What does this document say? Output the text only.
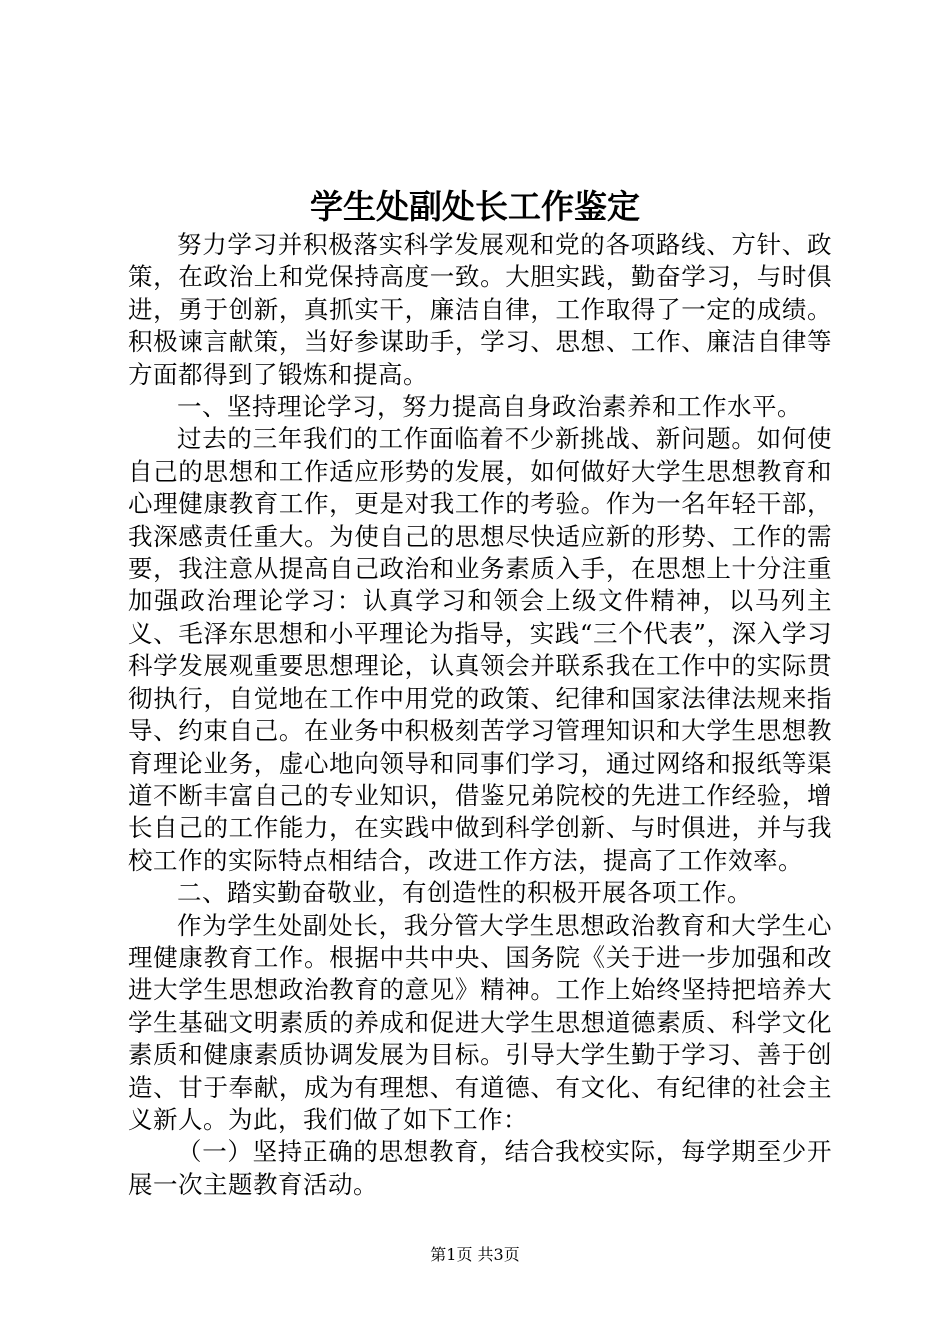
学生处副处长工作鉴定

努力学习并积极落实科学发展观和党的各项路线、方针、政策，在政治上和党保持高度一致。大胆实践，勤奋学习，与时俱进，勇于创新，真抓实干，廉洁自律，工作取得了一定的成绩。积极谏言献策，当好参谋助手，学习、思想、工作、廉洁自律等方面都得到了锻炼和提高。

一、坚持理论学习，努力提高自身政治素养和工作水平。

过去的三年我们的工作面临着不少新挑战、新问题。如何使自己的思想和工作适应形势的发展，如何做好大学生思想教育和心理健康教育工作，更是对我工作的考验。作为一名年轻干部，我深感责任重大。为使自己的思想尽快适应新的形势、工作的需要，我注意从提高自己政治和业务素质入手，在思想上十分注重加强政治理论学习：认真学习和领会上级文件精神，以马列主义、毛泽东思想和小平理论为指导，实践“三个代表”，深入学习科学发展观重要思想理论，认真领会并联系我在工作中的实际贯彻执行，自觉地在工作中用党的政策、纪律和国家法律法规来指导、约束自己。在业务中积极刻苦学习管理知识和大学生思想教育理论业务，虚心地向领导和同事们学习，通过网络和报纸等渠道不断丰富自己的专业知识，借鉴兄弟院校的先进工作经验，增长自己的工作能力，在实践中做到科学创新、与时俱进，并与我校工作的实际特点相结合，改进工作方法，提高了工作效率。

二、踏实勤奋敬业，有创造性的积极开展各项工作。

作为学生处副处长，我分管大学生思想政治教育和大学生心理健康教育工作。根据中共中央、国务院《关于进一步加强和改进大学生思想政治教育的意见》精神。工作上始终坚持把培养大学生基础文明素质的养成和促进大学生思想道德素质、科学文化素质和健康素质协调发展为目标。引导大学生勤于学习、善于创造、甘于奉献，成为有理想、有道德、有文化、有纪律的社会主义新人。为此，我们做了如下工作：

（一）坚持正确的思想教育，结合我校实际，每学期至少开展一次主题教育活动。

第1页 共3页
